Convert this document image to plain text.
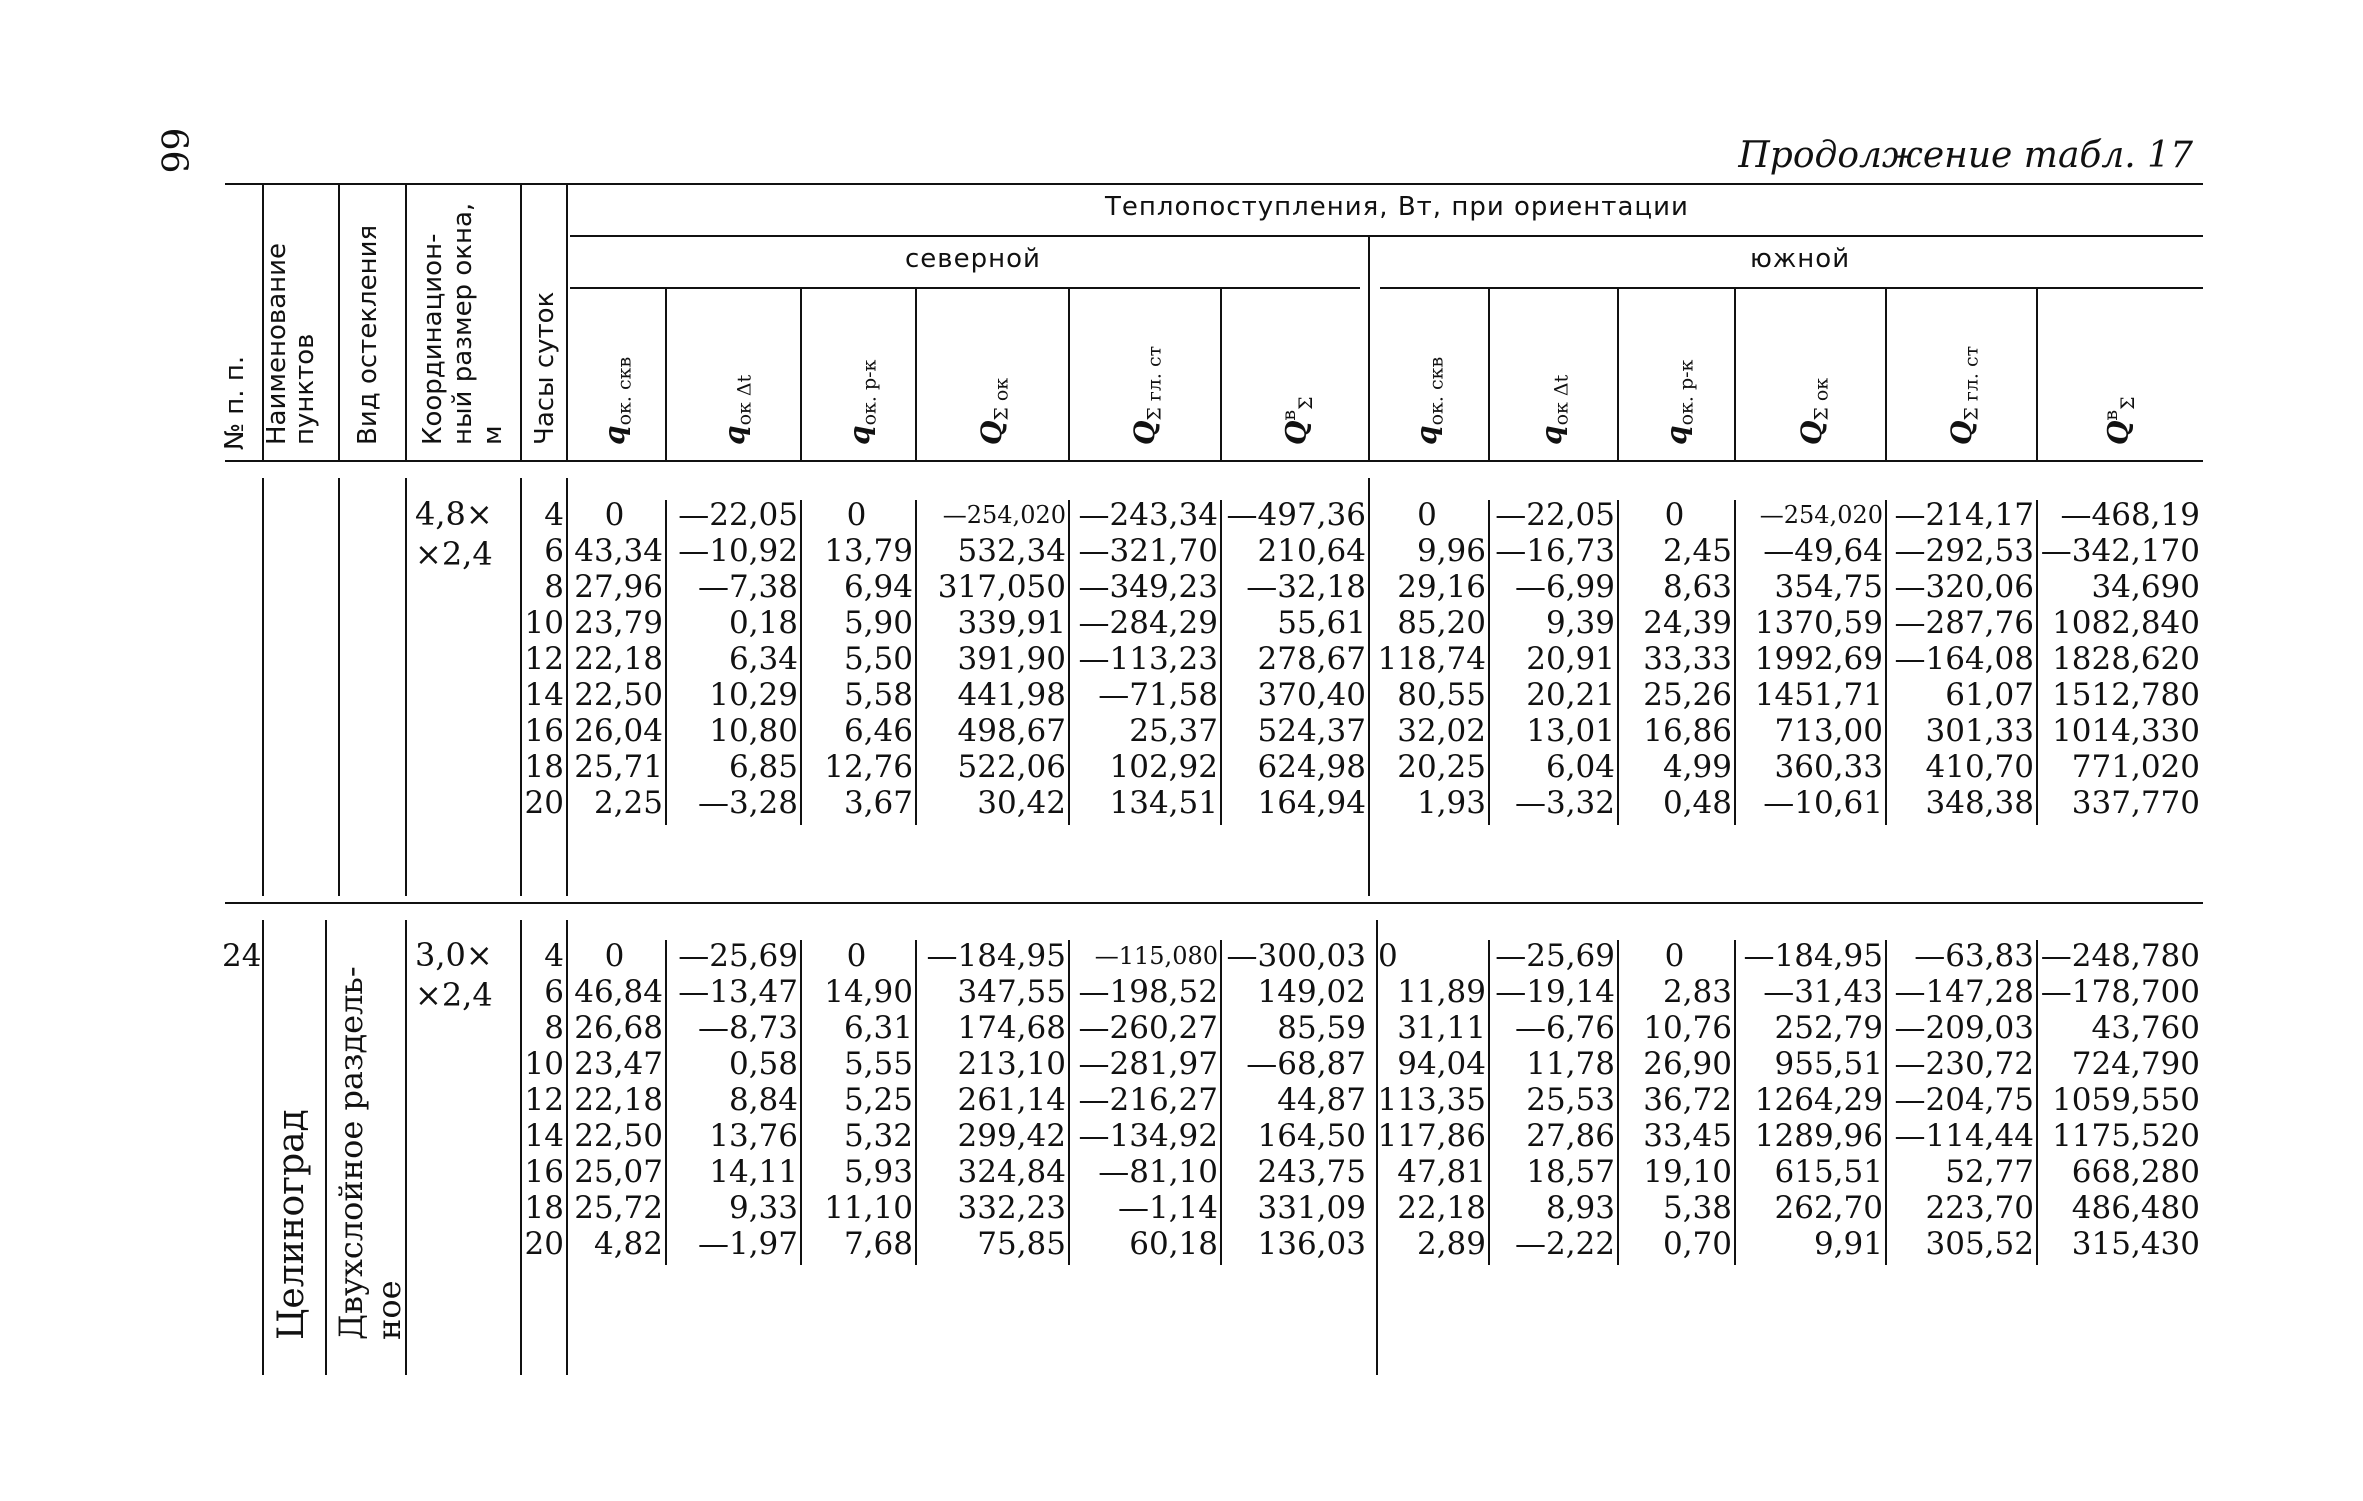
66	Продолжение табл. 17
Теплопоступления, Вт, при ориентации
северной	южной
№ п. п. Наименование пунктов Вид остекления Координацион-ный размер окна, м Часы суток $q_{ок. скв}$
$q_{ок \Delta t}$
$q_{ок. р-к}$
$Q_{\Sigma ок}$
$Q_{\Sigma гл. ст}$
$Q^в_\Sigma$
$q_{ок. скв}$
$q_{ок \Delta t}$
$q_{ок. р-к}$
$Q_{\Sigma ок}$
$Q_{\Sigma гл. ст}$
$Q^в_\Sigma$
4,8×
×2,4
4
6
8
10
12
14
16
18
20
0
43,34
27,96
23,79
22,18
22,50
26,04
25,71
2,25
—22,05
—10,92
—7,38
0,18
6,34
10,29
10,80
6,85
—3,28
0
13,79
6,94
5,90
5,50
5,58
6,46
12,76
3,67
—254,020
532,34
317,050
339,91
391,90
441,98
498,67
522,06
30,42
—243,34
—321,70
—349,23
—284,29
—113,23
—71,58
25,37
102,92
134,51
—497,36
210,64
—32,18
55,61
278,67
370,40
524,37
624,98
164,94
0
9,96
29,16
85,20
118,74
80,55
32,02
20,25
1,93
—22,05
—16,73
—6,99
9,39
20,91
20,21
13,01
6,04
—3,32
0
2,45
8,63
24,39
33,33
25,26
16,86
4,99
0,48
—254,020
—49,64
354,75
1370,59
1992,69
1451,71
713,00
360,33
—10,61
—214,17
—292,53
—320,06
—287,76
—164,08
61,07
301,33
410,70
348,38
—468,19
—342,170
34,690
1082,840
1828,620
1512,780
1014,330
771,020
337,770
24
Целиноград Двухслойное раздель- ное
3,0×
×2,4
4
6
8
10
12
14
16
18
20
0
46,84
26,68
23,47
22,18
22,50
25,07
25,72
4,82
—25,69
—13,47
—8,73
0,58
8,84
13,76
14,11
9,33
—1,97
0
14,90
6,31
5,55
5,25
5,32
5,93
11,10
7,68
—184,95
347,55
174,68
213,10
261,14
299,42
324,84
332,23
75,85
—115,080
—198,52
—260,27
—281,97
—216,27
—134,92
—81,10
—1,14
60,18
—300,03
149,02
85,59
—68,87
44,87
164,50
243,75
331,09
136,03
0
11,89
31,11
94,04
113,35
117,86
47,81
22,18
2,89
—25,69
—19,14
—6,76
11,78
25,53
27,86
18,57
8,93
—2,22
0
2,83
10,76
26,90
36,72
33,45
19,10
5,38
0,70
—184,95
—31,43
252,79
955,51
1264,29
1289,96
615,51
262,70
9,91
—63,83
—147,28
—209,03
—230,72
—204,75
—114,44
52,77
223,70
305,52
—248,780
—178,700
43,760
724,790
1059,550
1175,520
668,280
486,480
315,430
